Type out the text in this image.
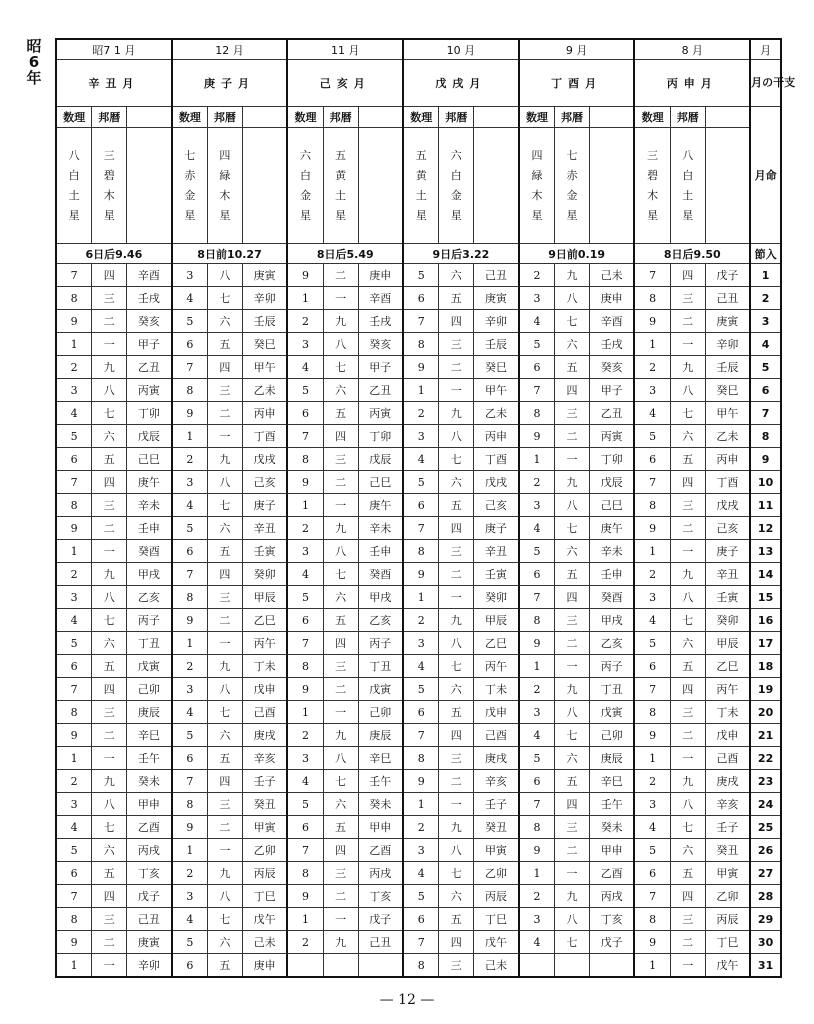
昭
6
年
昭7 1 月			12 月			11 月			10 月			9 月			8 月			月
辛丑月			庚子月			己亥月			戊戌月			丁酉月			丙申月			月の干支
数理	邦暦		数理	邦暦		数理	邦暦		数理	邦暦		数理	邦暦		数理	邦暦		月命
八白土星	三碧木星		七赤金星	四緑木星		六白金星	五黄土星		五黄土星	六白金星		四緑木星	七赤金星		三碧木星	八白土星		
6日后9.46			8日前10.27			8日后5.49			9日后3.22			9日前0.19			8日后9.50			節入
7	四	辛酉	3	八	庚寅	9	二	庚申	5	六	己丑	2	九	己未	7	四	戊子	1
8	三	壬戌	4	七	辛卯	1	一	辛酉	6	五	庚寅	3	八	庚申	8	三	己丑	2
9	二	癸亥	5	六	壬辰	2	九	壬戌	7	四	辛卯	4	七	辛酉	9	二	庚寅	3
1	一	甲子	6	五	癸巳	3	八	癸亥	8	三	壬辰	5	六	壬戌	1	一	辛卯	4
2	九	乙丑	7	四	甲午	4	七	甲子	9	二	癸巳	6	五	癸亥	2	九	壬辰	5
3	八	丙寅	8	三	乙未	5	六	乙丑	1	一	甲午	7	四	甲子	3	八	癸巳	6
4	七	丁卯	9	二	丙申	6	五	丙寅	2	九	乙未	8	三	乙丑	4	七	甲午	7
5	六	戊辰	1	一	丁酉	7	四	丁卯	3	八	丙申	9	二	丙寅	5	六	乙未	8
6	五	己巳	2	九	戊戌	8	三	戊辰	4	七	丁酉	1	一	丁卯	6	五	丙申	9
7	四	庚午	3	八	己亥	9	二	己巳	5	六	戊戌	2	九	戊辰	7	四	丁酉	10
8	三	辛未	4	七	庚子	1	一	庚午	6	五	己亥	3	八	己巳	8	三	戊戌	11
9	二	壬申	5	六	辛丑	2	九	辛未	7	四	庚子	4	七	庚午	9	二	己亥	12
1	一	癸酉	6	五	壬寅	3	八	壬申	8	三	辛丑	5	六	辛未	1	一	庚子	13
2	九	甲戌	7	四	癸卯	4	七	癸酉	9	二	壬寅	6	五	壬申	2	九	辛丑	14
3	八	乙亥	8	三	甲辰	5	六	甲戌	1	一	癸卯	7	四	癸酉	3	八	壬寅	15
4	七	丙子	9	二	乙巳	6	五	乙亥	2	九	甲辰	8	三	甲戌	4	七	癸卯	16
5	六	丁丑	1	一	丙午	7	四	丙子	3	八	乙巳	9	二	乙亥	5	六	甲辰	17
6	五	戊寅	2	九	丁未	8	三	丁丑	4	七	丙午	1	一	丙子	6	五	乙巳	18
7	四	己卯	3	八	戊申	9	二	戊寅	5	六	丁未	2	九	丁丑	7	四	丙午	19
8	三	庚辰	4	七	己酉	1	一	己卯	6	五	戊申	3	八	戊寅	8	三	丁未	20
9	二	辛巳	5	六	庚戌	2	九	庚辰	7	四	己酉	4	七	己卯	9	二	戊申	21
1	一	壬午	6	五	辛亥	3	八	辛巳	8	三	庚戌	5	六	庚辰	1	一	己酉	22
2	九	癸未	7	四	壬子	4	七	壬午	9	二	辛亥	6	五	辛巳	2	九	庚戌	23
3	八	甲申	8	三	癸丑	5	六	癸未	1	一	壬子	7	四	壬午	3	八	辛亥	24
4	七	乙酉	9	二	甲寅	6	五	甲申	2	九	癸丑	8	三	癸未	4	七	壬子	25
5	六	丙戌	1	一	乙卯	7	四	乙酉	3	八	甲寅	9	二	甲申	5	六	癸丑	26
6	五	丁亥	2	九	丙辰	8	三	丙戌	4	七	乙卯	1	一	乙酉	6	五	甲寅	27
7	四	戊子	3	八	丁巳	9	二	丁亥	5	六	丙辰	2	九	丙戌	7	四	乙卯	28
8	三	己丑	4	七	戊午	1	一	戊子	6	五	丁巳	3	八	丁亥	8	三	丙辰	29
9	二	庚寅	5	六	己未	2	九	己丑	7	四	戊午	4	七	戊子	9	二	丁巳	30
1	一	辛卯	6	五	庚申				8	三	己未				1	一	戊午	31
— 12 —
